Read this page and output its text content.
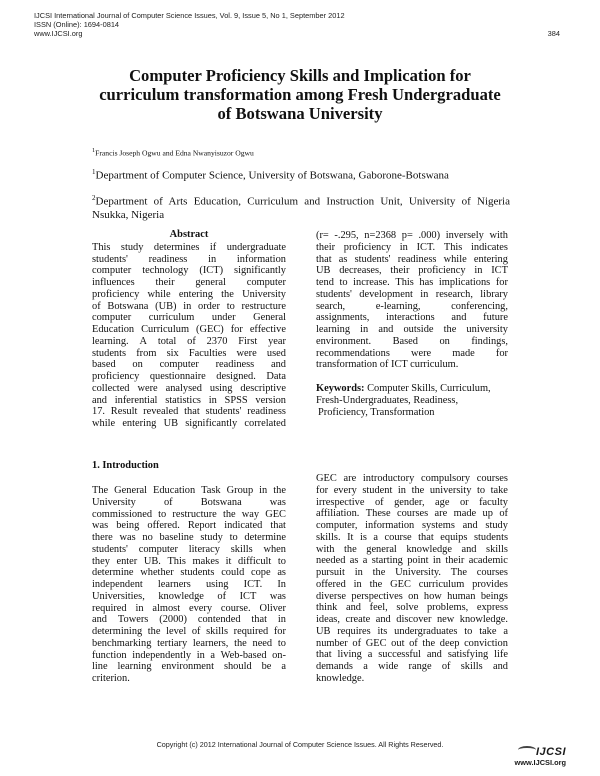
IJCSI International Journal of Computer Science Issues, Vol. 9, Issue 5, No 1, September 2012
ISSN (Online): 1694-0814
www.IJCSI.org	384
Computer Proficiency Skills and Implication for
curriculum transformation among Fresh Undergraduate
of Botswana University
$^1$Francis Joseph Ogwu and Edna Nwanyisuzor Ogwu
$^1$Department of Computer Science, University of Botswana, Gaborone-Botswana
$^2$Department of Arts Education, Curriculum and Instruction Unit, University of Nigeria Nsukka, Nigeria
Abstract
This study determines if undergraduate
students' readiness in information
computer technology (ICT) significantly
influences their general computer
proficiency while entering the University
of Botswana (UB) in order to restructure
computer curriculum under General
Education Curriculum (GEC) for effective
learning. A total of 2370 First year
students from six Faculties were used
based on computer readiness and
proficiency questionnaire designed. Data
collected were analysed using descriptive
and inferential statistics in SPSS version
17. Result revealed that students' readiness
while entering UB significantly correlated
(r= -.295, n=2368 p= .000) inversely with
their proficiency in ICT. This indicates
that as students' readiness while entering
UB decreases, their proficiency in ICT
tend to increase. This has implications for
students' development in research, library
search,	e-learning,	conferencing,
assignments, interactions and future
learning in and outside the university
environment. Based on findings,
recommendations were made for
transformation of ICT curriculum.
Keywords: Computer Skills, Curriculum,
Fresh-Undergraduates, Readiness,
Proficiency, Transformation
1. Introduction
The General Education Task Group in the
University	of	Botswana	was
commissioned to restructure the way GEC
was being offered. Report indicated that
there was no baseline study to determine
students' computer literacy skills when
they enter UB. This makes it difficult to
determine whether students could cope as
independent learners using ICT. In
Universities, knowledge of ICT was
required in almost every course. Oliver
and Towers (2000) contended that in
determining the level of skills required for
benchmarking tertiary learners, the need to
function independently in a Web-based on-
line learning environment should be a
criterion.
GEC are introductory compulsory courses
for every student in the university to take
irrespective of gender, age or faculty
affiliation. These courses are made up of
computer, information systems and study
skills. It is a course that equips students
with the general knowledge and skills
needed as a starting point in their academic
pursuit in the University. The courses
offered in the GEC curriculum provides
diverse perspectives on how human beings
think and feel, solve problems, express
ideas, create and discover new knowledge.
UB requires its undergraduates to take a
number of GEC out of the deep conviction
that living a successful and satisfying life
demands a wide range of skills and
knowledge.
Copyright (c) 2012 International Journal of Computer Science Issues. All Rights Reserved.
IJCSI
www.IJCSI.org
